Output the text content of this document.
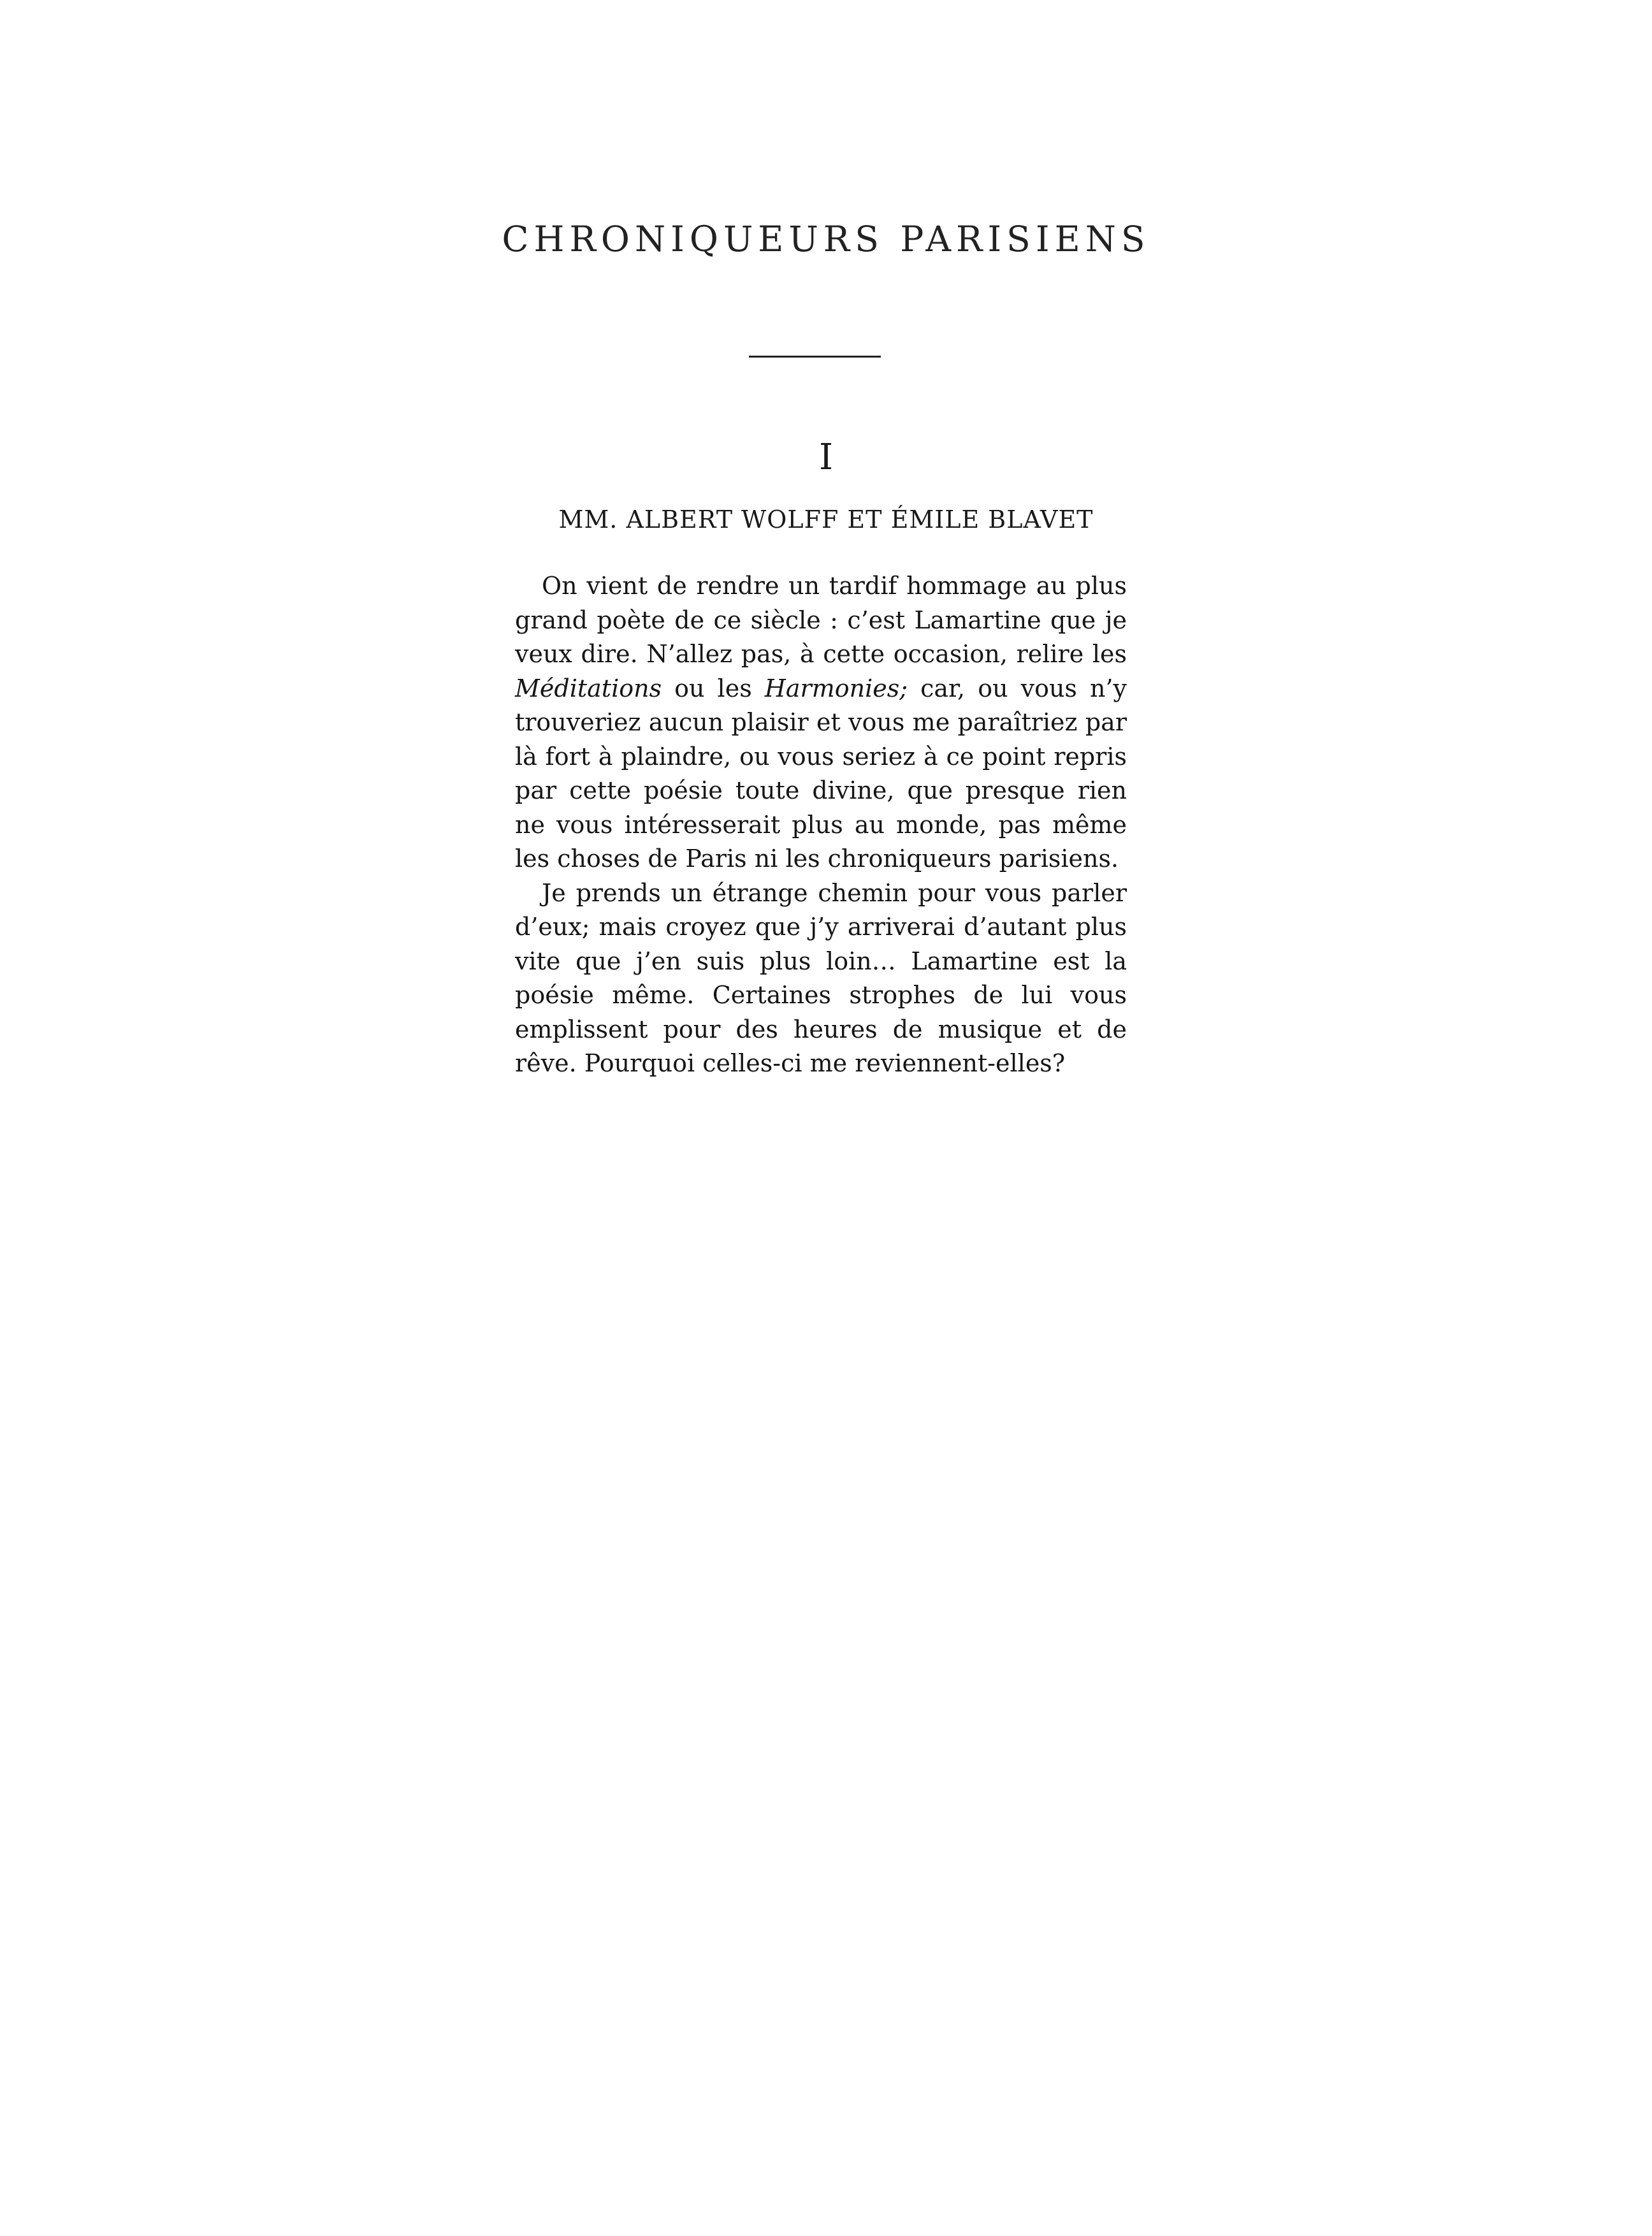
CHRONIQUEURS PARISIENS
I
MM. ALBERT WOLFF ET ÉMILE BLAVET

On vient de rendre un tardif hommage au plus grand poète de ce siècle : c’est Lamartine que je veux dire. N’allez pas, à cette occasion, relire les Méditations ou les Harmonies; car, ou vous n’y trouveriez aucun plaisir et vous me paraîtriez par là fort à plaindre, ou vous seriez à ce point repris par cette poésie toute divine, que presque rien ne vous intéresserait plus au monde, pas même les choses de Paris ni les chroniqueurs parisiens.

Je prends un étrange chemin pour vous parler d’eux; mais croyez que j’y arriverai d’autant plus vite que j’en suis plus loin… Lamartine est la poésie même. Certaines strophes de lui vous emplissent pour des heures de musique et de rêve. Pourquoi celles-ci me reviennent-elles?
